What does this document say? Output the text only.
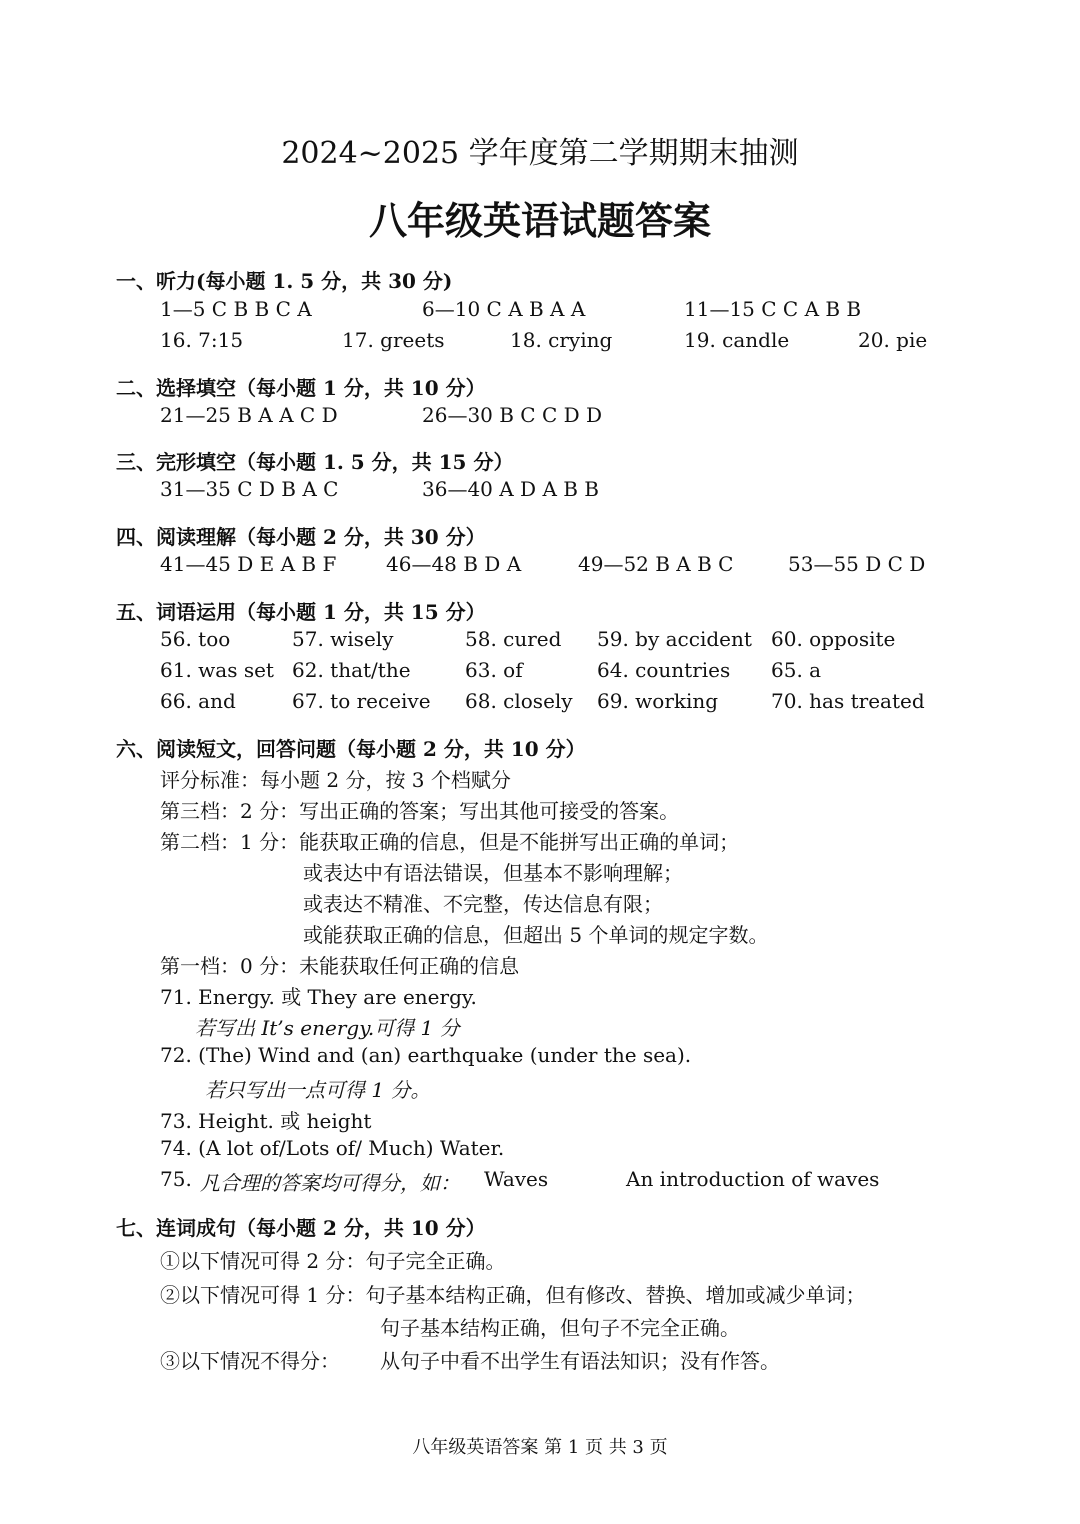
2024~2025 学年度第二学期期末抽测
八年级英语试题答案
一、听力(每小题 1. 5 分，共 30 分)
1—5 C B B C A	6—10 C A B A A	11—15 C C A B B
16. 7:15	17. greets	18. crying	19. candle	20. pie
二、选择填空（每小题 1 分，共 10 分）
21—25 B A A C D	26—30 B C C D D
三、完形填空（每小题 1. 5 分，共 15 分）
31—35 C D B A C	36—40 A D A B B
四、阅读理解（每小题 2 分，共 30 分）
41—45 D E A B F 46—48 B D A	49—52 B A B C	53—55 D C D
五、词语运用（每小题 1 分，共 15 分）
56. too	57. wisely	58. cured 59. by accident 60. opposite
61. was set 62. that/the	63. of	64. countries 65. a
66. and	67. to receive 68. closely 69. working	70. has treated
六、阅读短文，回答问题（每小题 2 分，共 10 分）
评分标准：每小题 2 分，按 3 个档赋分
第三档：2 分：写出正确的答案；写出其他可接受的答案。
第二档：1 分：能获取正确的信息，但是不能拼写出正确的单词；
或表达中有语法错误，但基本不影响理解；
或表达不精准、不完整，传达信息有限；
或能获取正确的信息，但超出 5 个单词的规定字数。
第一档：0 分：未能获取任何正确的信息
71. Energy. 或 They are energy.
若写出 It’s energy.可得 1 分
72. (The) Wind and (an) earthquake (under the sea).
若只写出一点可得 1 分。
73. Height. 或 height
74. (A lot of/Lots of/ Much) Water.
75. 凡合理的答案均可得分，如： Waves	An introduction of waves
七、连词成句（每小题 2 分，共 10 分）
①以下情况可得 2 分：句子完全正确。
②以下情况可得 1 分：句子基本结构正确，但有修改、替换、增加或减少单词；
句子基本结构正确，但句子不完全正确。
③以下情况不得分： 从句子中看不出学生有语法知识；没有作答。
八年级英语答案 第 1 页 共 3 页
